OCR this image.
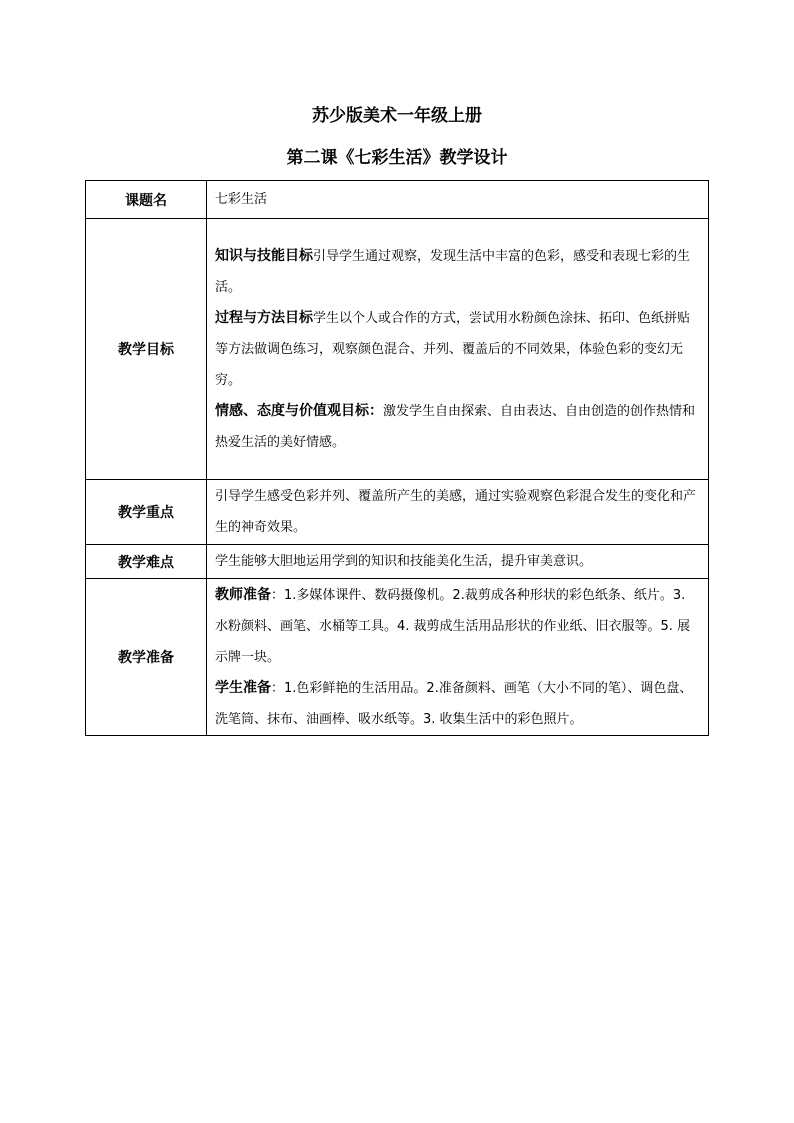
苏少版美术一年级上册
第二课《七彩生活》教学设计
课题名	七彩生活
教学目标	知识与技能目标引导学生通过观察，发现生活中丰富的色彩，感受和表现七彩的生活。
过程与方法目标学生以个人或合作的方式，尝试用水粉颜色涂抹、拓印、色纸拼贴等方法做调色练习，观察颜色混合、并列、覆盖后的不同效果，体验色彩的变幻无穷。
情感、态度与价值观目标：激发学生自由探索、自由表达、自由创造的创作热情和热爱生活的美好情感。

教学重点	引导学生感受色彩并列、覆盖所产生的美感，通过实验观察色彩混合发生的变化和产生的神奇效果。
教学难点	学生能够大胆地运用学到的知识和技能美化生活，提升审美意识。
教学准备	教师准备：1.多媒体课件、数码摄像机。2.裁剪成各种形状的彩色纸条、纸片。3. 水粉颜料、画笔、水桶等工具。4. 裁剪成生活用品形状的作业纸、旧衣服等。5. 展示牌一块。
学生准备：1.色彩鲜艳的生活用品。2.准备颜料、画笔（大小不同的笔）、调色盘、洗笔筒、抹布、油画棒、吸水纸等。3. 收集生活中的彩色照片。
